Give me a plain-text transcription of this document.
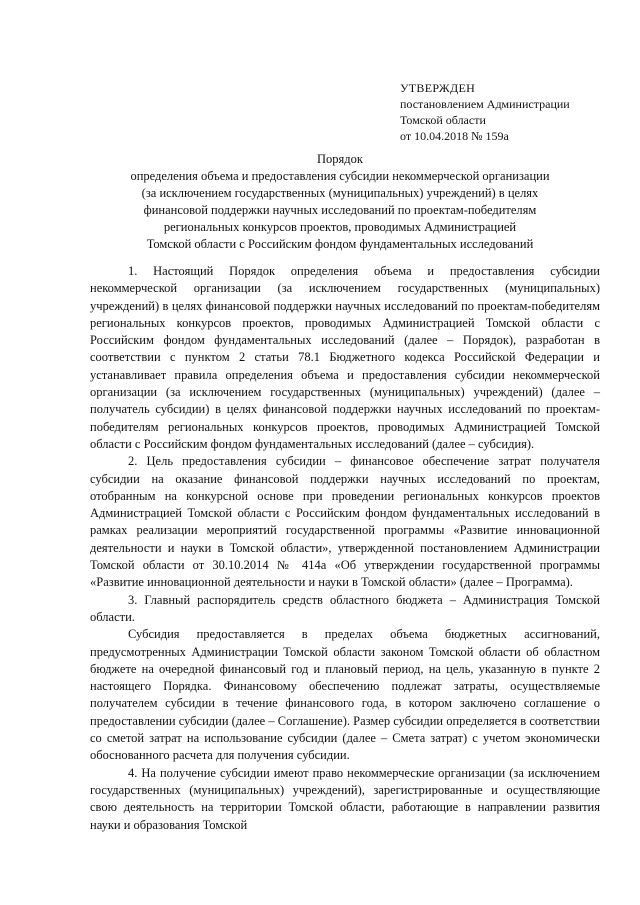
УТВЕРЖДЕН
постановлением Администрации
Томской области
от 10.04.2018 № 159а
Порядок
определения объема и предоставления субсидии некоммерческой организации
(за исключением государственных (муниципальных) учреждений) в целях
финансовой поддержки научных исследований по проектам-победителям
региональных конкурсов проектов, проводимых Администрацией
Томской области с Российским фондом фундаментальных исследований

1. Настоящий Порядок определения объема и предоставления субсидии некоммерческой организации (за исключением государственных (муниципальных) учреждений) в целях финансовой поддержки научных исследований по проектам-победителям региональных конкурсов проектов, проводимых Администрацией Томской области с Российским фондом фундаментальных исследований (далее – Порядок), разработан в соответствии с пунктом 2 статьи 78.1 Бюджетного кодекса Российской Федерации и устанавливает правила определения объема и предоставления субсидии некоммерческой организации (за исключением государственных (муниципальных) учреждений) (далее – получатель субсидии) в целях финансовой поддержки научных исследований по проектам-победителям региональных конкурсов проектов, проводимых Администрацией Томской области с Российским фондом фундаментальных исследований (далее – субсидия).

2. Цель предоставления субсидии – финансовое обеспечение затрат получателя субсидии на оказание финансовой поддержки научных исследований по проектам, отобранным на конкурсной основе при проведении региональных конкурсов проектов Администрацией Томской области с Российским фондом фундаментальных исследований в рамках реализации мероприятий государственной программы «Развитие инновационной деятельности и науки в Томской области», утвержденной постановлением Администрации Томской области от 30.10.2014 № 414а «Об утверждении государственной программы «Развитие инновационной деятельности и науки в Томской области» (далее – Программа).

3. Главный распорядитель средств областного бюджета – Администрация Томской области.

Субсидия предоставляется в пределах объема бюджетных ассигнований, предусмотренных Администрации Томской области законом Томской области об областном бюджете на очередной финансовый год и плановый период, на цель, указанную в пункте 2 настоящего Порядка. Финансовому обеспечению подлежат затраты, осуществляемые получателем субсидии в течение финансового года, в котором заключено соглашение о предоставлении субсидии (далее – Соглашение). Размер субсидии определяется в соответствии со сметой затрат на использование субсидии (далее – Смета затрат) с учетом экономически обоснованного расчета для получения субсидии.

4. На получение субсидии имеют право некоммерческие организации (за исключением государственных (муниципальных) учреждений), зарегистрированные и осуществляющие свою деятельность на территории Томской области, работающие в направлении развития науки и образования Томской
